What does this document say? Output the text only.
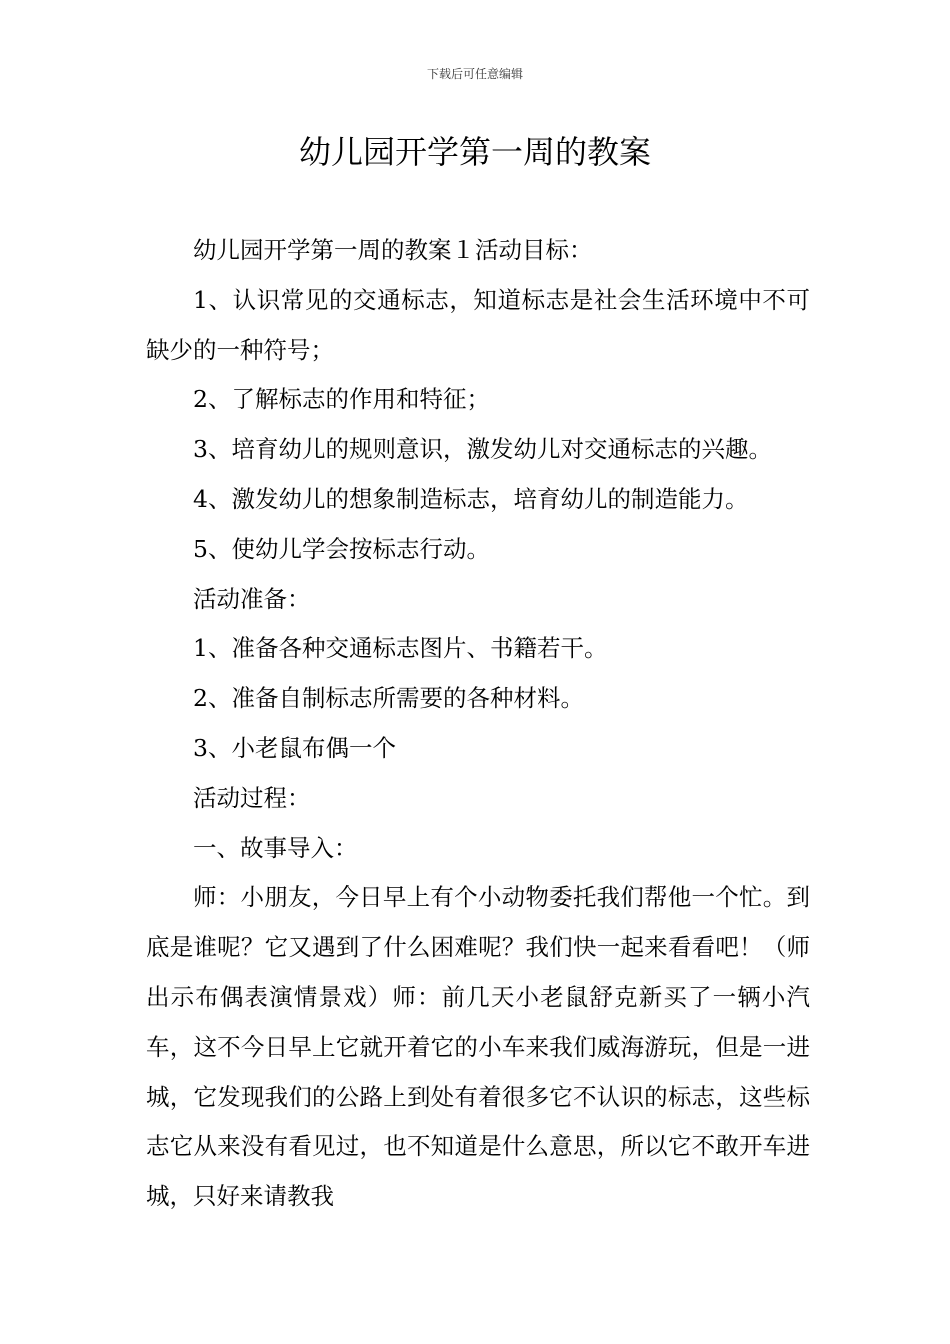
下载后可任意编辑
幼儿园开学第一周的教案

幼儿园开学第一周的教案１活动目标：

1、认识常见的交通标志，知道标志是社会生活环境中不可缺少的一种符号；

2、了解标志的作用和特征；

3、培育幼儿的规则意识，激发幼儿对交通标志的兴趣。

4、激发幼儿的想象制造标志，培育幼儿的制造能力。

5、使幼儿学会按标志行动。

活动准备：

1、准备各种交通标志图片、书籍若干。

2、准备自制标志所需要的各种材料。

3、小老鼠布偶一个

活动过程：

一、故事导入：

师：小朋友，今日早上有个小动物委托我们帮他一个忙。到底是谁呢？它又遇到了什么困难呢？我们快一起来看看吧！（师出示布偶表演情景戏）师：前几天小老鼠舒克新买了一辆小汽车，这不今日早上它就开着它的小车来我们威海游玩，但是一进城，它发现我们的公路上到处有着很多它不认识的标志，这些标志它从来没有看见过，也不知道是什么意思，所以它不敢开车进城，只好来请教我
